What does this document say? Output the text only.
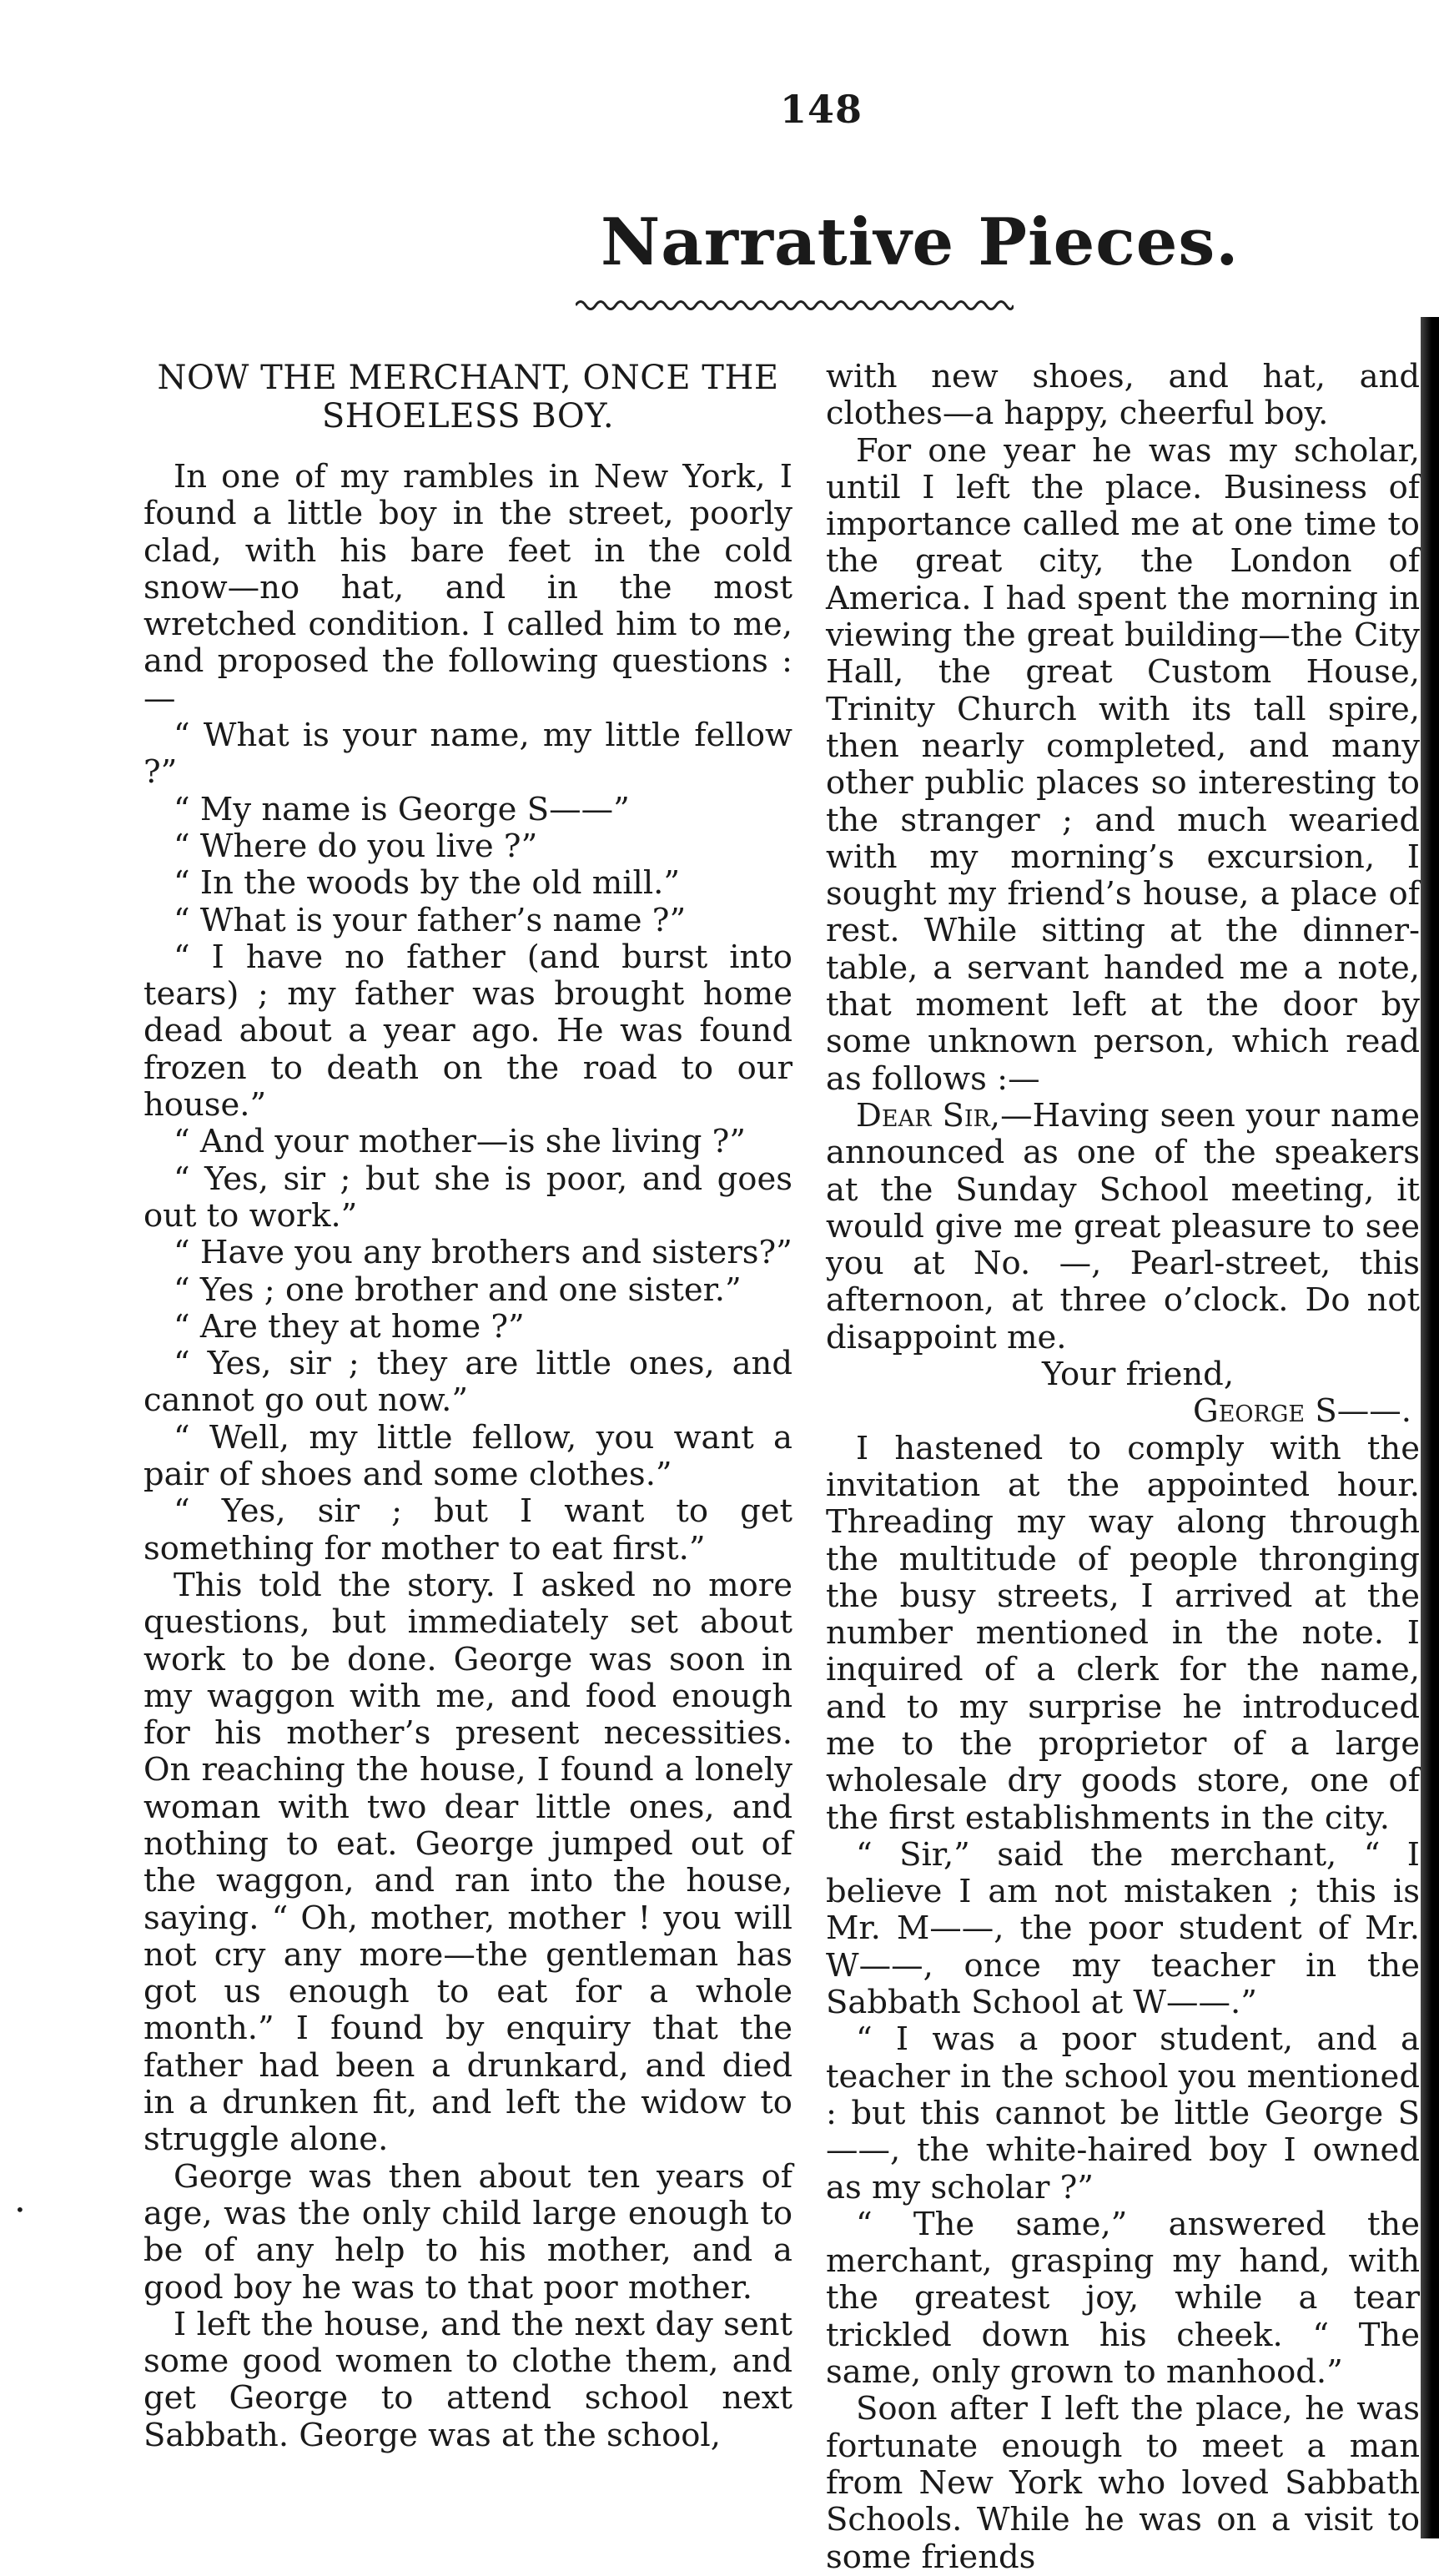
148
Narrative Pieces.
NOW THE MERCHANT, ONCE THE SHOELESS BOY.

In one of my rambles in New York, I found a little boy in the street, poorly clad, with his bare feet in the cold snow—no hat, and in the most wretched condition. I called him to me, and proposed the following questions :—

“ What is your name, my little fellow ?”

“ My name is George S——”

“ Where do you live ?”

“ In the woods by the old mill.”

“ What is your father’s name ?”

“ I have no father (and burst into tears) ; my father was brought home dead about a year ago. He was found frozen to death on the road to our house.”

“ And your mother—is she living ?”

“ Yes, sir ; but she is poor, and goes out to work.”

“ Have you any brothers and sisters?”

“ Yes ; one brother and one sister.”

“ Are they at home ?”

“ Yes, sir ; they are little ones, and cannot go out now.”

“ Well, my little fellow, you want a pair of shoes and some clothes.”

“ Yes, sir ; but I want to get something for mother to eat first.”

This told the story. I asked no more questions, but immediately set about work to be done. George was soon in my waggon with me, and food enough for his mother’s present necessities. On reaching the house, I found a lonely woman with two dear little ones, and nothing to eat. George jumped out of the waggon, and ran into the house, saying. “ Oh, mother, mother ! you will not cry any more—the gentleman has got us enough to eat for a whole month.” I found by enquiry that the father had been a drunkard, and died in a drunken fit, and left the widow to struggle alone.

George was then about ten years of age, was the only child large enough to be of any help to his mother, and a good boy he was to that poor mother.

I left the house, and the next day sent some good women to clothe them, and get George to attend school next Sabbath. George was at the school,

with new shoes, and hat, and clothes—a happy, cheerful boy.

For one year he was my scholar, until I left the place. Business of importance called me at one time to the great city, the London of America. I had spent the morning in viewing the great building—the City Hall, the great Custom House, Trinity Church with its tall spire, then nearly completed, and many other public places so interesting to the stranger ; and much wearied with my morning’s excursion, I sought my friend’s house, a place of rest. While sitting at the dinner-table, a servant handed me a note, that moment left at the door by some unknown person, which read as follows :—

Dear Sir,—Having seen your name announced as one of the speakers at the Sunday School meeting, it would give me great pleasure to see you at No. —, Pearl-street, this afternoon, at three o’clock. Do not disappoint me.

Your friend,

George S——.

I hastened to comply with the invitation at the appointed hour. Threading my way along through the multitude of people thronging the busy streets, I arrived at the number mentioned in the note. I inquired of a clerk for the name, and to my surprise he introduced me to the proprietor of a large wholesale dry goods store, one of the first establishments in the city.

“ Sir,” said the merchant, “ I believe I am not mistaken ; this is Mr. M——, the poor student of Mr. W——, once my teacher in the Sabbath School at W——.”

“ I was a poor student, and a teacher in the school you mentioned : but this cannot be little George S——, the white-haired boy I owned as my scholar ?”

“ The same,” answered the merchant, grasping my hand, with the greatest joy, while a tear trickled down his cheek. “ The same, only grown to manhood.”

Soon after I left the place, he was fortunate enough to meet a man from New York who loved Sabbath Schools. While he was on a visit to some friends

•
